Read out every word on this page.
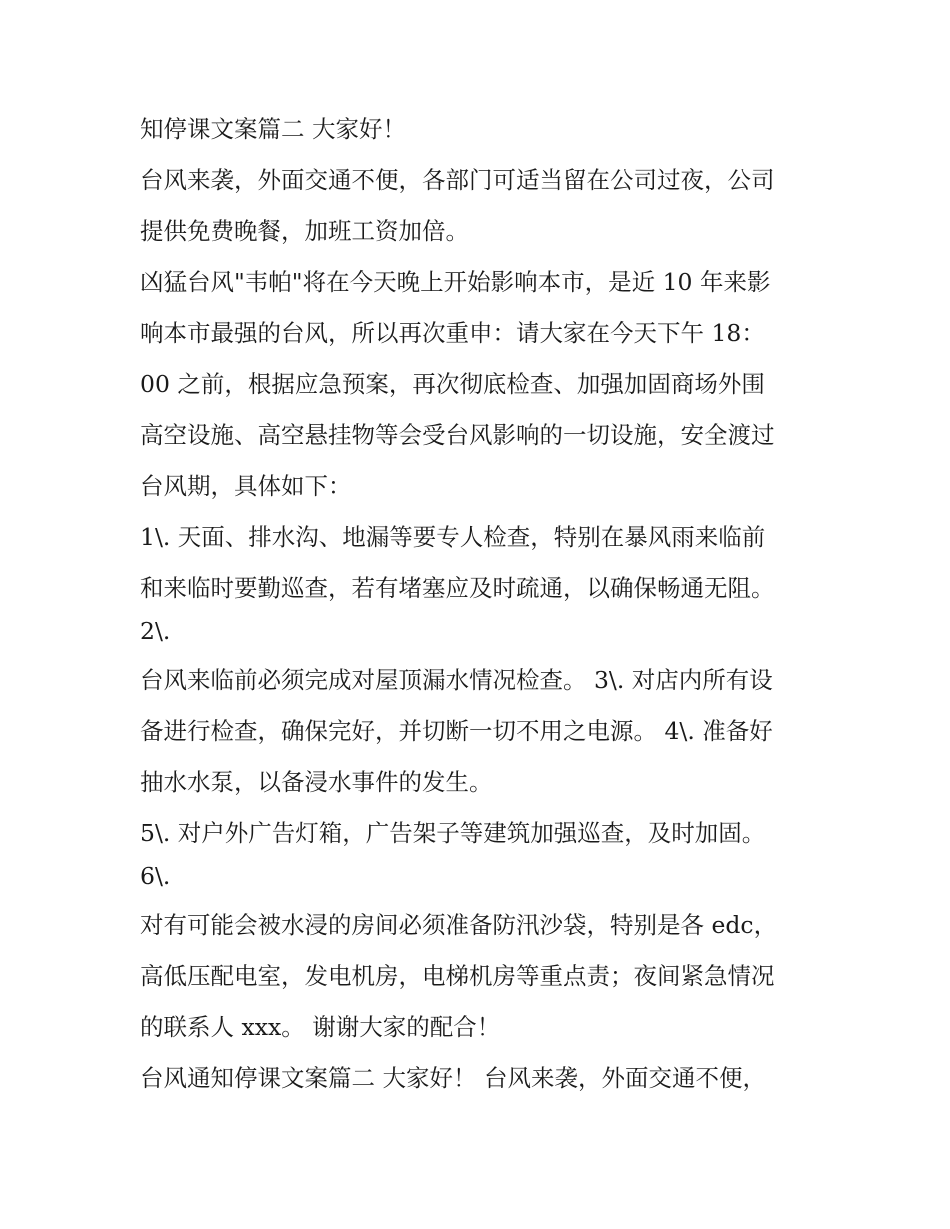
知停课文案篇二 大家好！
台风来袭，外面交通不便，各部门可适当留在公司过夜，公司
提供免费晚餐，加班工资加倍。
凶猛台风"韦帕"将在今天晚上开始影响本市，是近 10 年来影
响本市最强的台风，所以再次重申：请大家在今天下午 18：
00 之前，根据应急预案，再次彻底检查、加强加固商场外围
高空设施、高空悬挂物等会受台风影响的一切设施，安全渡过
台风期，具体如下：
1\. 天面、排水沟、地漏等要专人检查，特别在暴风雨来临前
和来临时要勤巡查，若有堵塞应及时疏通，以确保畅通无阻。
2\.
台风来临前必须完成对屋顶漏水情况检查。 3\. 对店内所有设
备进行检查，确保完好，并切断一切不用之电源。 4\. 准备好
抽水水泵，以备浸水事件的发生。
5\. 对户外广告灯箱，广告架子等建筑加强巡查，及时加固。
6\.
对有可能会被水浸的房间必须准备防汛沙袋，特别是各 edc，
高低压配电室，发电机房，电梯机房等重点责；夜间紧急情况
的联系人 xxx。 谢谢大家的配合！
台风通知停课文案篇二 大家好！ 台风来袭，外面交通不便，
